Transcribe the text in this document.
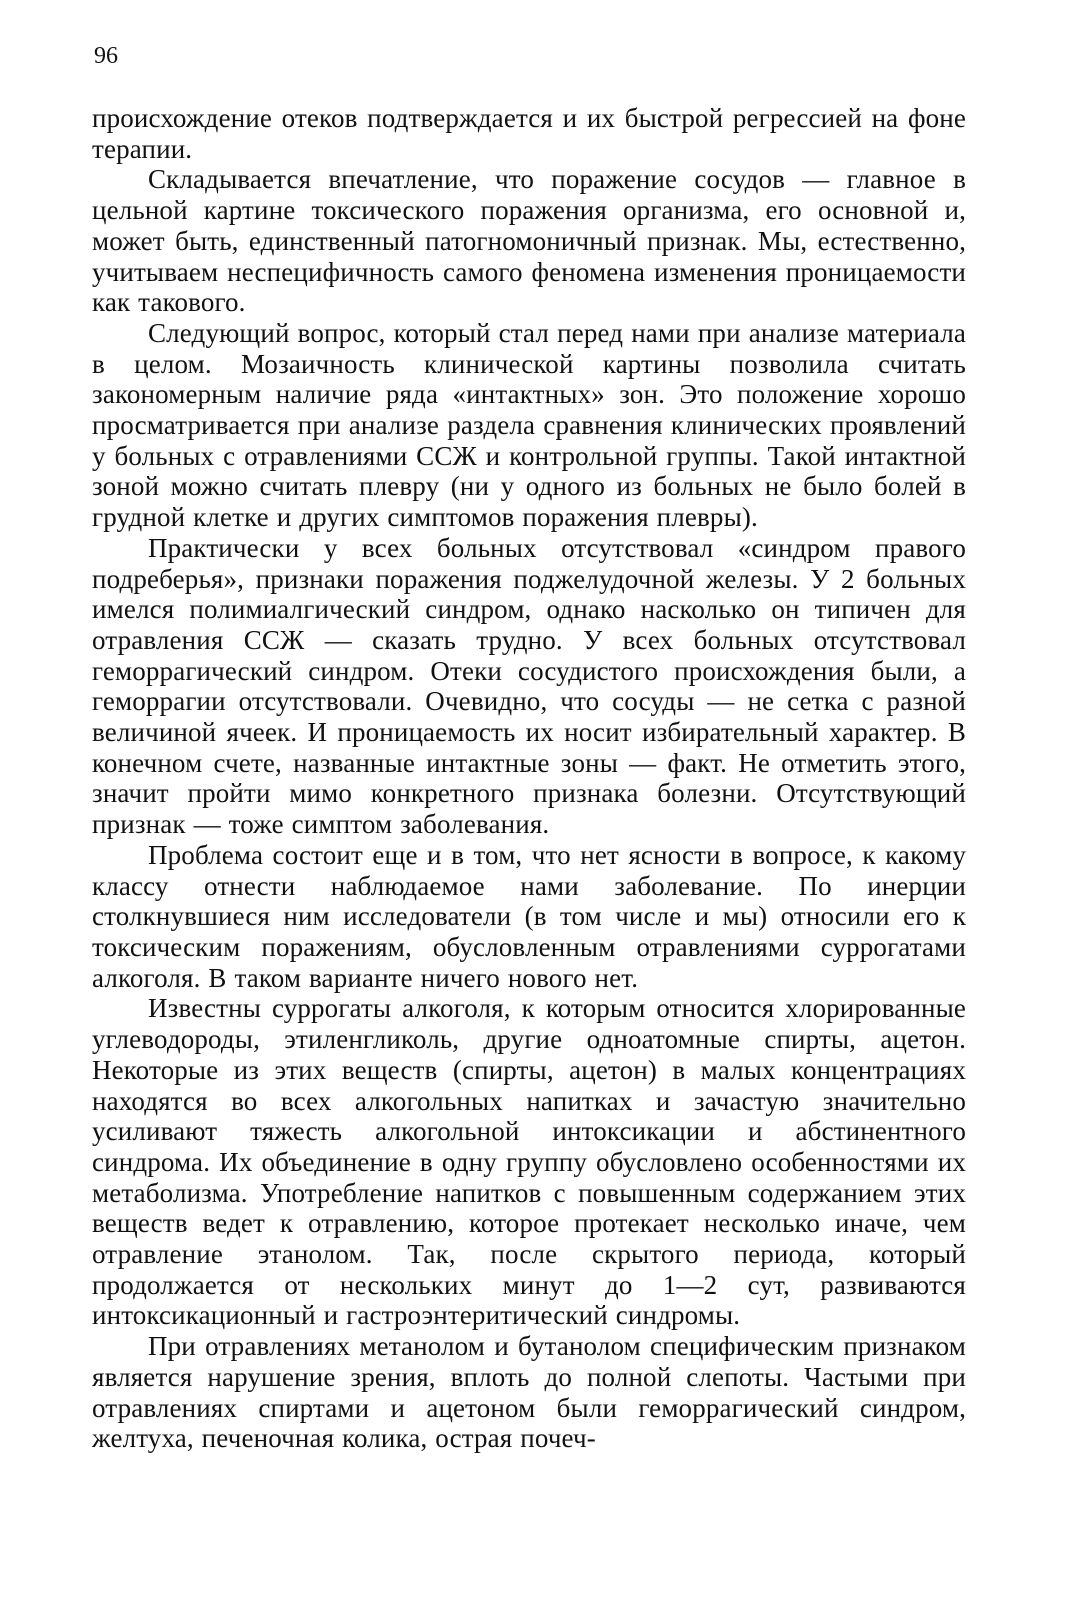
96

происхождение отеков подтверждается и их быстрой регрессией на фоне терапии.

Складывается впечатление, что поражение сосудов — главное в цельной картине токсического поражения организма, его основной и, может быть, единственный патогномоничный признак. Мы, естественно, учитываем неспецифичность самого феномена изменения проницаемости как такового.

Следующий вопрос, который стал перед нами при анализе материала в целом. Мозаичность клинической картины позволила считать закономерным наличие ряда «интактных» зон. Это положение хорошо просматривается при анализе раздела сравнения клинических проявлений у больных с отравлениями ССЖ и контрольной группы. Такой интактной зоной можно считать плевру (ни у одного из больных не было болей в грудной клетке и других симптомов поражения плевры).

Практически у всех больных отсутствовал «синдром правого подреберья», признаки поражения поджелудочной железы. У 2 больных имелся полимиалгический синдром, однако насколько он типичен для отравления ССЖ — сказать трудно. У всех больных отсутствовал геморрагический синдром. Отеки сосудистого происхождения были, а геморрагии отсутствовали. Очевидно, что сосуды — не сетка с разной величиной ячеек. И проницаемость их носит избирательный характер. В конечном счете, названные интактные зоны — факт. Не отметить этого, значит пройти мимо конкретного признака болезни. Отсутствующий признак — тоже симптом заболевания.

Проблема состоит еще и в том, что нет ясности в вопросе, к какому классу отнести наблюдаемое нами заболевание. По инерции столкнувшиеся ним исследователи (в том числе и мы) относили его к токсическим поражениям, обусловленным отравлениями суррогатами алкоголя. В таком варианте ничего нового нет.

Известны суррогаты алкоголя, к которым относится хлорированные углеводороды, этиленгликоль, другие одноатомные спирты, ацетон. Некоторые из этих веществ (спирты, ацетон) в малых концентрациях находятся во всех алкогольных напитках и зачастую значительно усиливают тяжесть алкогольной интоксикации и абстинентного синдрома. Их объединение в одну группу обусловлено особенностями их метаболизма. Употребление напитков с повышенным содержанием этих веществ ведет к отравлению, которое протекает несколько иначе, чем отравление этанолом. Так, после скрытого периода, который продолжается от нескольких минут до 1—2 сут, развиваются интоксикационный и гастроэнтеритический синдромы.

При отравлениях метанолом и бутанолом специфическим признаком является нарушение зрения, вплоть до полной слепоты. Частыми при отравлениях спиртами и ацетоном были геморрагический синдром, желтуха, печеночная колика, острая почеч-
